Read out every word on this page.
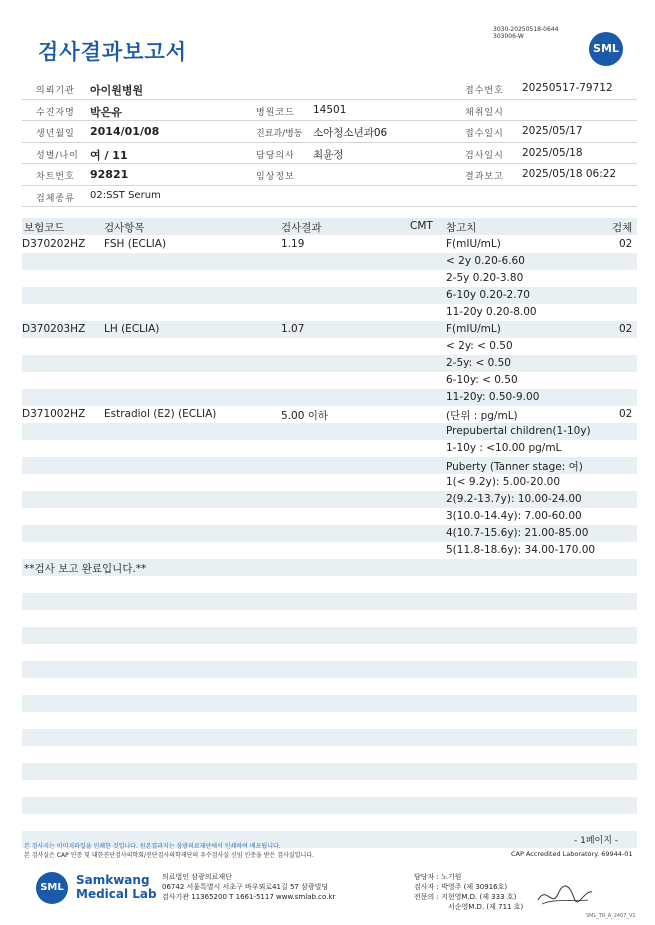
검사결과보고서
3030-20250518-0644
303006-W
SML
의뢰기관 아이원병원	접수번호 20250517-79712
수진자명 박은유	병원코드 14501	채취일시
생년월일 2014/01/08	진료과/병동 소아청소년과06	접수일시 2025/05/17
성별/나이 여 / 11	담당의사 최윤정	검사일시 2025/05/18
차트번호 92821	임상정보	결과보고 2025/05/18 06:22
검체종류 02:SST Serum
보험코드	검사항목	검사결과	CMT 참고치	검체
D370202HZ FSH (ECLIA)	1.19	F(mIU/mL)	02
< 2y 0.20-6.60
2-5y 0.20-3.80
6-10y 0.20-2.70
11-20y 0.20-8.00
D370203HZ LH (ECLIA)	1.07	F(mIU/mL)	02
< 2y: < 0.50
2-5y: < 0.50
6-10y: < 0.50
11-20y: 0.50-9.00
D371002HZ Estradiol (E2) (ECLIA)	5.00 이하	(단위 : pg/mL)	02
Prepubertal children(1-10y)
1-10y : <10.00 pg/mL
Puberty (Tanner stage: 여)
1(< 9.2y): 5.00-20.00
2(9.2-13.7y): 10.00-24.00
3(10.0-14.4y): 7.00-60.00
4(10.7-15.6y): 21.00-85.00
5(11.8-18.6y): 34.00-170.00
**검사 보고 완료입니다.**
본 검사지는 이미지파일을 인쇄한 것입니다. 원본결과지는 삼광의료재단에서 인쇄하여 배포됩니다.
본 검사실은 CAP 인증 및 대한진단검사의학회/진단검사의학재단의 우수검사실 신임 인증을 받은 검사실입니다.
- 1페이지 -
CAP Accredited Laboratory. 69944-01
SML
Samkwang
Medical Lab
의료법인 삼광의료재단
06742 서울특별시 서초구 바우뫼로41길 57 삼광빌딩
검사기관 11365200 T 1661-5117 www.smlab.co.kr
담당자 : 노기원
검사자 : 박영주 (제 30916호)
전문의 : 지현영M.D. (제 333 호)
서순영M.D. (제 711 호)
SML_TR_A_2407_V1
